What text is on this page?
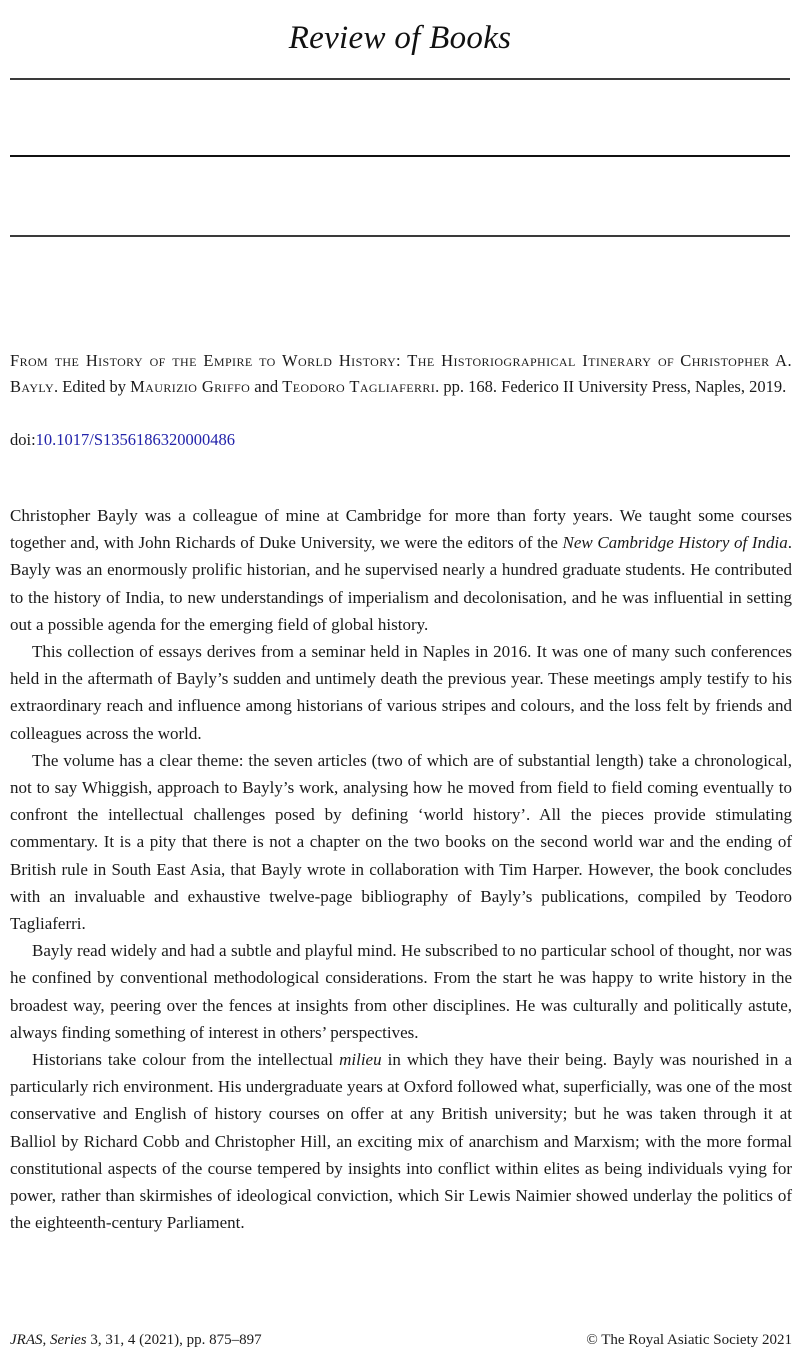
Review of Books
From the History of the Empire to World History: The Historiographical Itinerary of Christopher A. Bayly. Edited by Maurizio Griffo and Teodoro Tagliaferri. pp. 168. Federico II University Press, Naples, 2019.
doi:10.1017/S1356186320000486

Christopher Bayly was a colleague of mine at Cambridge for more than forty years. We taught some courses together and, with John Richards of Duke University, we were the editors of the New Cambridge History of India. Bayly was an enormously prolific historian, and he supervised nearly a hundred graduate students. He contributed to the history of India, to new understandings of imperialism and decolonisation, and he was influential in setting out a possible agenda for the emerging field of global history.

This collection of essays derives from a seminar held in Naples in 2016. It was one of many such conferences held in the aftermath of Bayly’s sudden and untimely death the previous year. These meetings amply testify to his extraordinary reach and influence among historians of various stripes and colours, and the loss felt by friends and colleagues across the world.

The volume has a clear theme: the seven articles (two of which are of substantial length) take a chronological, not to say Whiggish, approach to Bayly’s work, analysing how he moved from field to field coming eventually to confront the intellectual challenges posed by defining ‘world history’. All the pieces provide stimulating commentary. It is a pity that there is not a chapter on the two books on the second world war and the ending of British rule in South East Asia, that Bayly wrote in collaboration with Tim Harper. However, the book concludes with an invaluable and exhaustive twelve-page bibliography of Bayly’s publications, compiled by Teodoro Tagliaferri.

Bayly read widely and had a subtle and playful mind. He subscribed to no particular school of thought, nor was he confined by conventional methodological considerations. From the start he was happy to write history in the broadest way, peering over the fences at insights from other disciplines. He was culturally and politically astute, always finding something of interest in others’ perspectives.

Historians take colour from the intellectual milieu in which they have their being. Bayly was nourished in a particularly rich environment. His undergraduate years at Oxford followed what, superficially, was one of the most conservative and English of history courses on offer at any British university; but he was taken through it at Balliol by Richard Cobb and Christopher Hill, an exciting mix of anarchism and Marxism; with the more formal constitutional aspects of the course tempered by insights into conflict within elites as being individuals vying for power, rather than skirmishes of ideological conviction, which Sir Lewis Naimier showed underlay the politics of the eighteenth-century Parliament.

JRAS, Series 3, 31, 4 (2021), pp. 875–897	© The Royal Asiatic Society 2021
